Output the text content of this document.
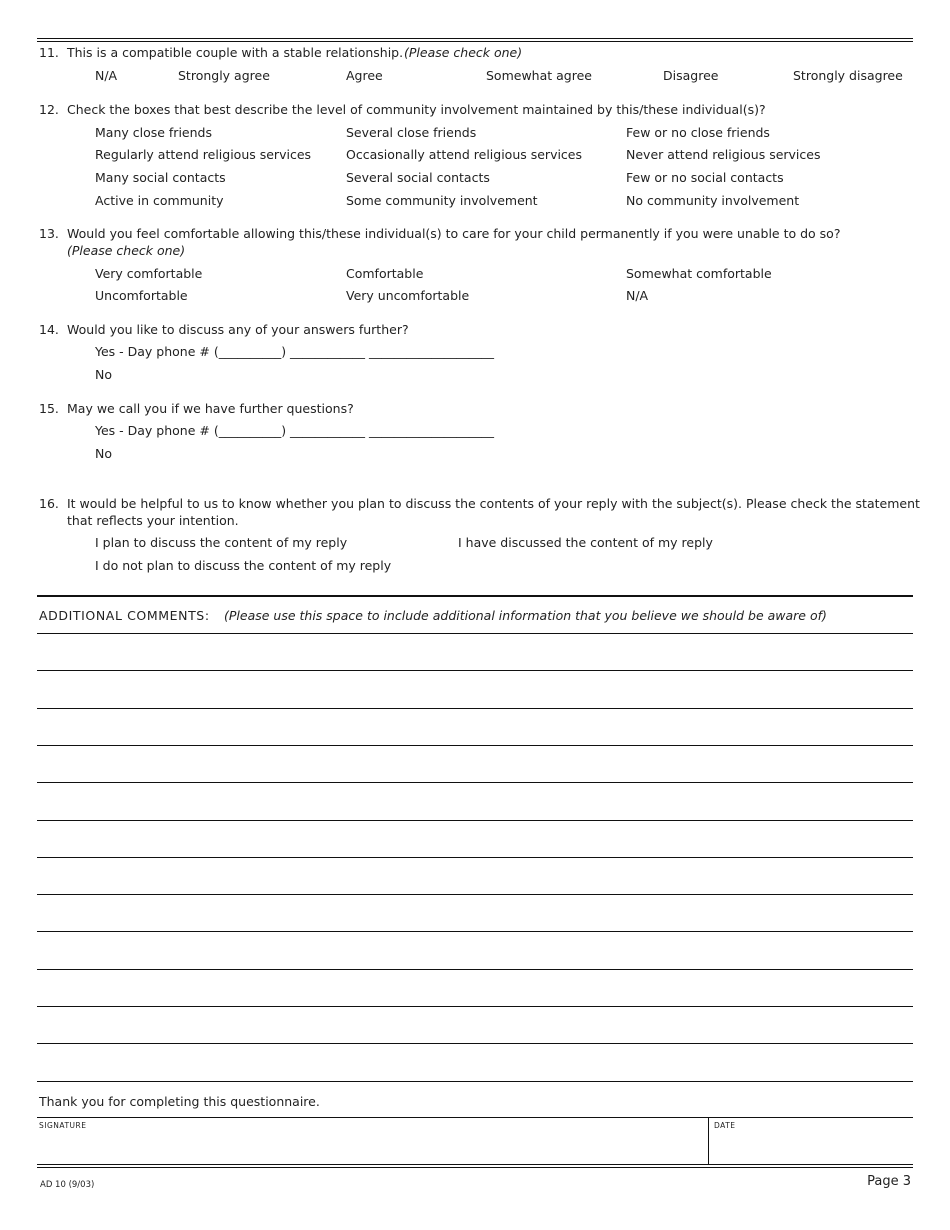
11. This is a compatible couple with a stable relationship. (Please check one)
N/A	Strongly agree	Agree	Somewhat agree	Disagree	Strongly disagree
12. Check the boxes that best describe the level of community involvement maintained by this/these individual(s)?
Many close friends	Several close friends	Few or no close friends
Regularly attend religious services	Occasionally attend religious services	Never attend religious services
Many social contacts	Several social contacts	Few or no social contacts
Active in community	Some community involvement	No community involvement
13. Would you feel comfortable allowing this/these individual(s) to care for your child permanently if you were unable to do so?
(Please check one)
Very comfortable	Comfortable	Somewhat comfortable
Uncomfortable	Very uncomfortable	N/A
14. Would you like to discuss any of your answers further?
Yes - Day phone # (__________) ____________ ____________________
No
15. May we call you if we have further questions?
Yes - Day phone # (__________) ____________ ____________________
No
16. It would be helpful to us to know whether you plan to discuss the contents of your reply with the subject(s). Please check the statement
that reflects your intention.
I plan to discuss the content of my reply	I have discussed the content of my reply
I do not plan to discuss the content of my reply
ADDITIONAL COMMENTS: (Please use this space to include additional information that you believe we should be aware of)
Thank you for completing this questionnaire.
SIGNATURE	DATE
AD 10 (9/03)	Page 3
